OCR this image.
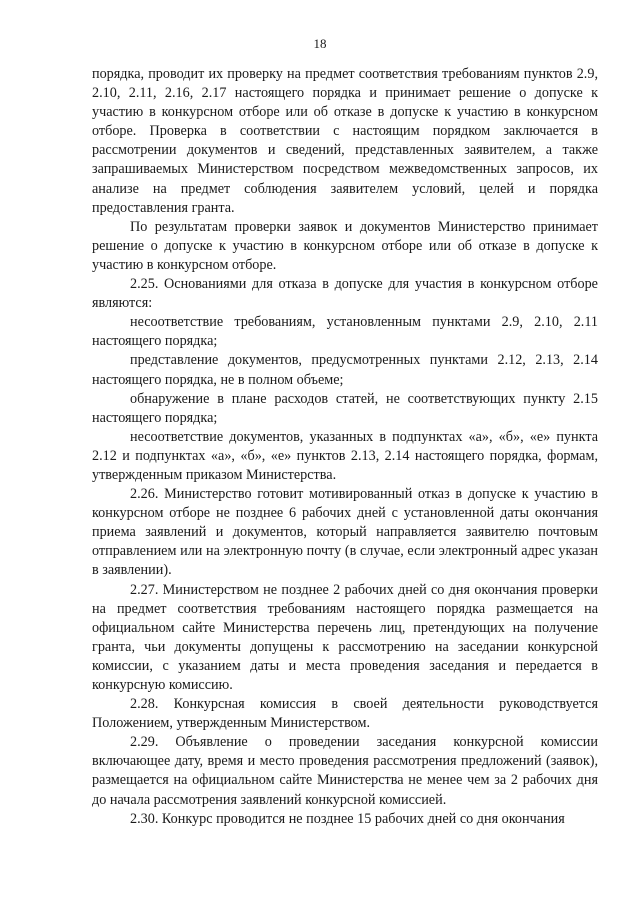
18

порядка, проводит их проверку на предмет соответствия требованиям пунктов 2.9, 2.10, 2.11, 2.16, 2.17 настоящего порядка и принимает решение о допуске к участию в конкурсном отборе или об отказе в допуске к участию в конкурсном отборе. Проверка в соответствии с настоящим порядком заключается в рассмотрении документов и сведений, представленных заявителем, а также запрашиваемых Министерством посредством межведомственных запросов, их анализе на предмет соблюдения заявителем условий, целей и порядка предоставления гранта.

По результатам проверки заявок и документов Министерство принимает решение о допуске к участию в конкурсном отборе или об отказе в допуске к участию в конкурсном отборе.

2.25. Основаниями для отказа в допуске для участия в конкурсном отборе являются:

несоответствие требованиям, установленным пунктами 2.9, 2.10, 2.11 настоящего порядка;

представление документов, предусмотренных пунктами 2.12, 2.13, 2.14 настоящего порядка, не в полном объеме;

обнаружение в плане расходов статей, не соответствующих пункту 2.15 настоящего порядка;

несоответствие документов, указанных в подпунктах «а», «б», «е» пункта 2.12 и подпунктах «а», «б», «е» пунктов 2.13, 2.14 настоящего порядка, формам, утвержденным приказом Министерства.

2.26. Министерство готовит мотивированный отказ в допуске к участию в конкурсном отборе не позднее 6 рабочих дней с установленной даты окончания приема заявлений и документов, который направляется заявителю почтовым отправлением или на электронную почту (в случае, если электронный адрес указан в заявлении).

2.27. Министерством не позднее 2 рабочих дней со дня окончания проверки на предмет соответствия требованиям настоящего порядка размещается на официальном сайте Министерства перечень лиц, претендующих на получение гранта, чьи документы допущены к рассмотрению на заседании конкурсной комиссии, с указанием даты и места проведения заседания и передается в конкурсную комиссию.

2.28. Конкурсная комиссия в своей деятельности руководствуется Положением, утвержденным Министерством.

2.29. Объявление о проведении заседания конкурсной комиссии включающее дату, время и место проведения рассмотрения предложений (заявок), размещается на официальном сайте Министерства не менее чем за 2 рабочих дня до начала рассмотрения заявлений конкурсной комиссией.

2.30. Конкурс проводится не позднее 15 рабочих дней со дня окончания
